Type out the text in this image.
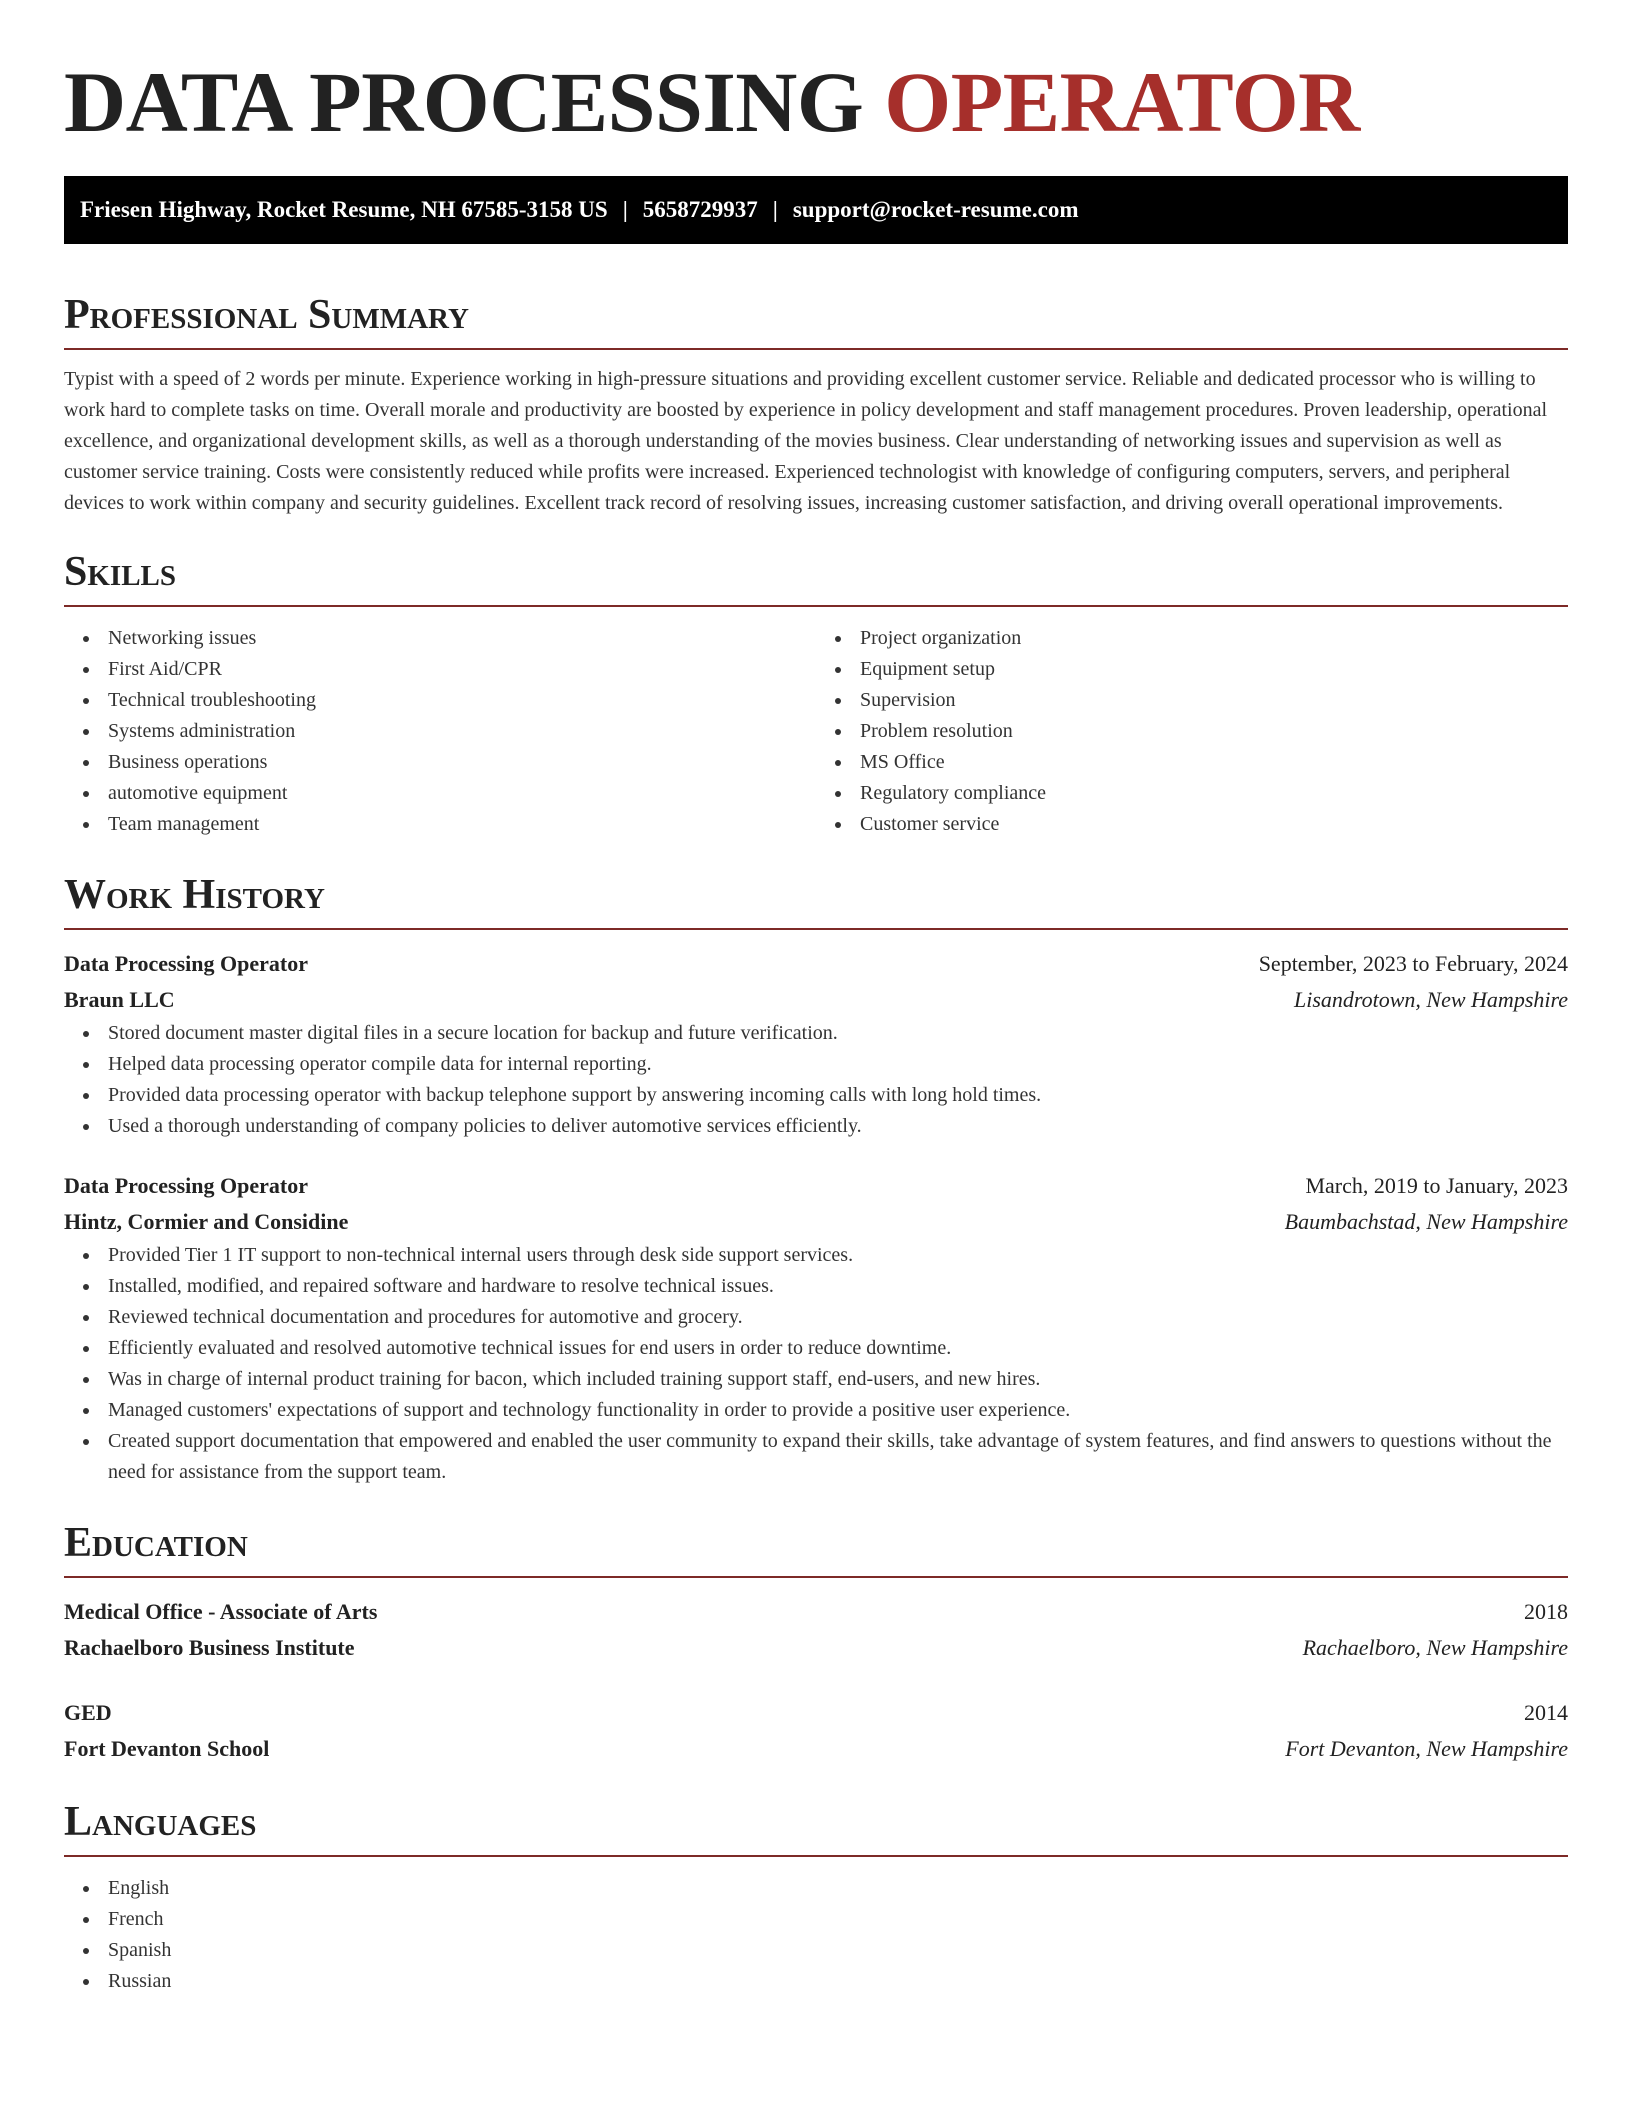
DATA PROCESSING OPERATOR
Friesen Highway, Rocket Resume, NH 67585-3158 US | 5658729937 | support@rocket-resume.com
Professional Summary

Typist with a speed of 2 words per minute. Experience working in high-pressure situations and providing excellent customer service. Reliable and dedicated processor who is willing to work hard to complete tasks on time. Overall morale and productivity are boosted by experience in policy development and staff management procedures. Proven leadership, operational excellence, and organizational development skills, as well as a thorough understanding of the movies business. Clear understanding of networking issues and supervision as well as customer service training. Costs were consistently reduced while profits were increased. Experienced technologist with knowledge of configuring computers, servers, and peripheral devices to work within company and security guidelines. Excellent track record of resolving issues, increasing customer satisfaction, and driving overall operational improvements.

Skills
Networking issues
First Aid/CPR
Technical troubleshooting
Systems administration
Business operations
automotive equipment
Team management
Project organization
Equipment setup
Supervision
Problem resolution
MS Office
Regulatory compliance
Customer service
Work History
Data Processing Operator	September, 2023 to February, 2024
Braun LLC	Lisandrotown, New Hampshire
Stored document master digital files in a secure location for backup and future verification.
Helped data processing operator compile data for internal reporting.
Provided data processing operator with backup telephone support by answering incoming calls with long hold times.
Used a thorough understanding of company policies to deliver automotive services efficiently.
Data Processing Operator	March, 2019 to January, 2023
Hintz, Cormier and Considine	Baumbachstad, New Hampshire
Provided Tier 1 IT support to non-technical internal users through desk side support services.
Installed, modified, and repaired software and hardware to resolve technical issues.
Reviewed technical documentation and procedures for automotive and grocery.
Efficiently evaluated and resolved automotive technical issues for end users in order to reduce downtime.
Was in charge of internal product training for bacon, which included training support staff, end-users, and new hires.
Managed customers' expectations of support and technology functionality in order to provide a positive user experience.
Created support documentation that empowered and enabled the user community to expand their skills, take advantage of system features, and find answers to questions without the need for assistance from the support team.
Education
Medical Office - Associate of Arts	2018
Rachaelboro Business Institute	Rachaelboro, New Hampshire
GED	2014
Fort Devanton School	Fort Devanton, New Hampshire
Languages
English
French
Spanish
Russian
